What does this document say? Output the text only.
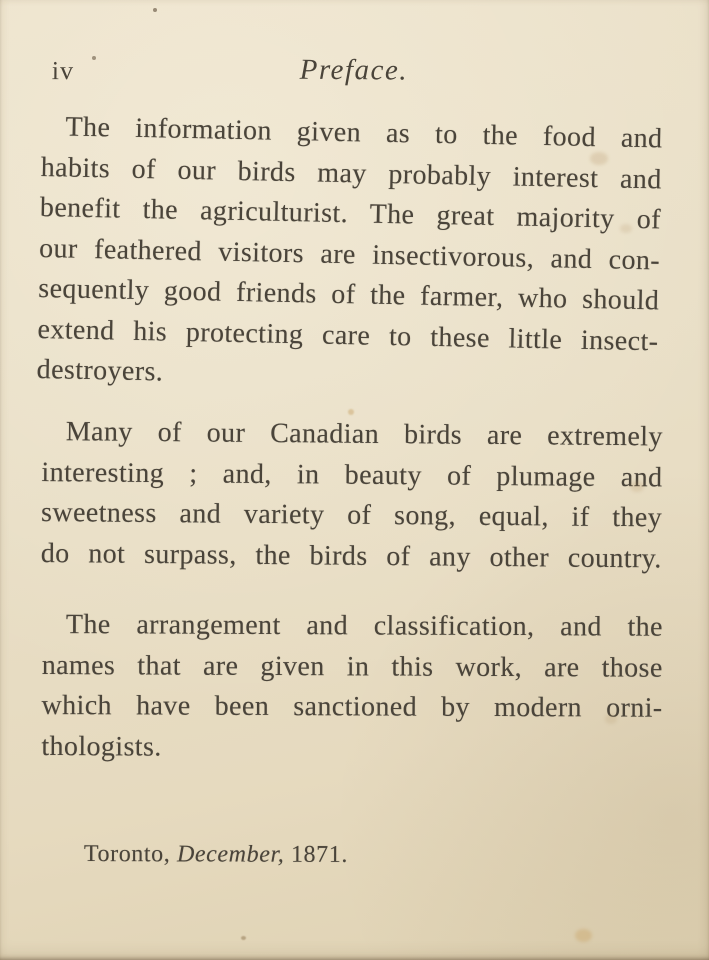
iv	Preface.
The information given as to the food and
habits of our birds may probably interest and
benefit the agriculturist. The great majority of
our feathered visitors are insectivorous, and con-
sequently good friends of the farmer, who should
extend his protecting care to these little insect-
destroyers.
Many of our Canadian birds are extremely
interesting ; and, in beauty of plumage and
sweetness and variety of song, equal, if they
do not surpass, the birds of any other country.
The arrangement and classification, and the
names that are given in this work, are those
which have been sanctioned by modern orni-
thologists.
Toronto, December, 1871.
